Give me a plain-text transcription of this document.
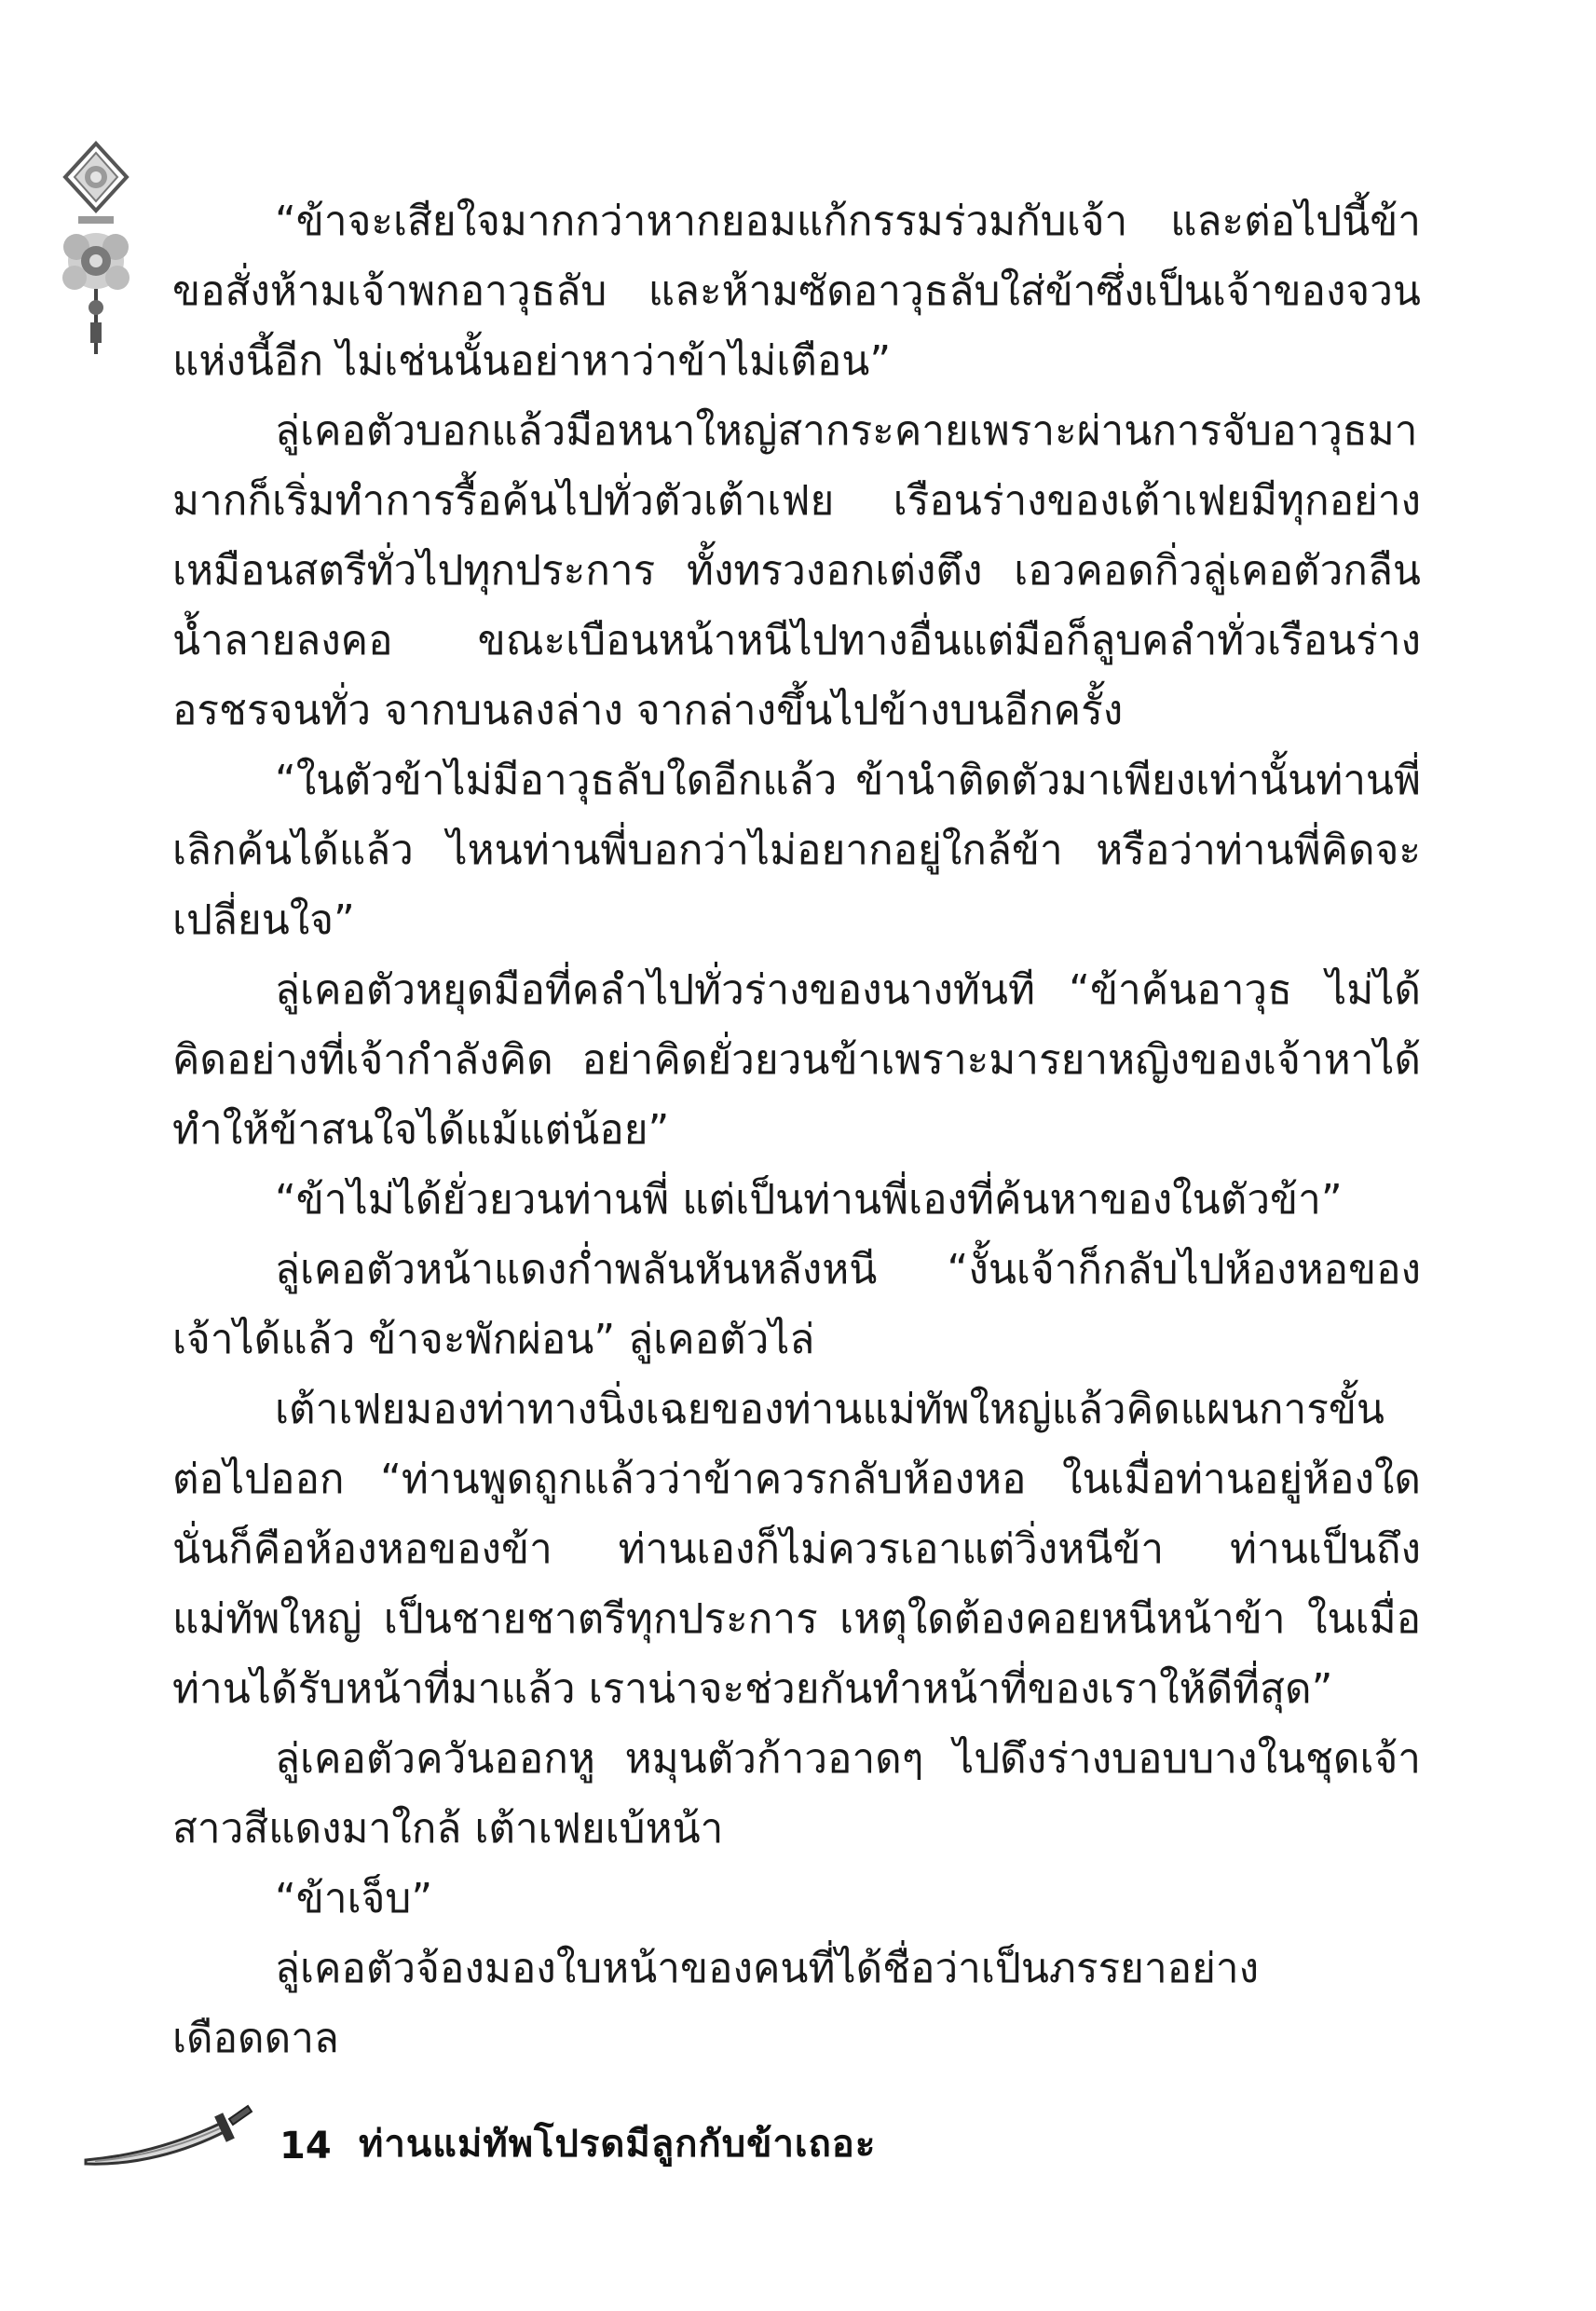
“ข้าจะเสียใจมากกว่าหากยอมแก้กรรมร่วมกับเจ้า และต่อไปนี้ข้าขอสั่งห้ามเจ้าพกอาวุธลับ และห้ามซัดอาวุธลับใส่ข้าซึ่งเป็นเจ้าของจวนแห่งนี้อีก ไม่เช่นนั้นอย่าหาว่าข้าไม่เตือน”

ลู่เคอตัวบอกแล้วมือหนาใหญ่สากระคายเพราะผ่านการจับอาวุธมามากก็เริ่มทำการรื้อค้นไปทั่วตัวเต้าเฟย เรือนร่างของเต้าเฟยมีทุกอย่างเหมือนสตรีทั่วไปทุกประการ ทั้งทรวงอกเต่งตึง เอวคอดกิ่วลู่เคอตัวกลืนน้ำลายลงคอ ขณะเบือนหน้าหนีไปทางอื่นแต่มือก็ลูบคลำทั่วเรือนร่างอรชรจนทั่ว จากบนลงล่าง จากล่างขึ้นไปข้างบนอีกครั้ง

“ในตัวข้าไม่มีอาวุธลับใดอีกแล้ว ข้านำติดตัวมาเพียงเท่านั้นท่านพี่เลิกค้นได้แล้ว ไหนท่านพี่บอกว่าไม่อยากอยู่ใกล้ข้า หรือว่าท่านพี่คิดจะเปลี่ยนใจ”

ลู่เคอตัวหยุดมือที่คลำไปทั่วร่างของนางทันที “ข้าค้นอาวุธ ไม่ได้คิดอย่างที่เจ้ากำลังคิด อย่าคิดยั่วยวนข้าเพราะมารยาหญิงของเจ้าหาได้ทำให้ข้าสนใจได้แม้แต่น้อย”

“ข้าไม่ได้ยั่วยวนท่านพี่ แต่เป็นท่านพี่เองที่ค้นหาของในตัวข้า”

ลู่เคอตัวหน้าแดงก่ำพลันหันหลังหนี “งั้นเจ้าก็กลับไปห้องหอของเจ้าได้แล้ว ข้าจะพักผ่อน” ลู่เคอตัวไล่

เต้าเฟยมองท่าทางนิ่งเฉยของท่านแม่ทัพใหญ่แล้วคิดแผนการขั้นต่อไปออก “ท่านพูดถูกแล้วว่าข้าควรกลับห้องหอ ในเมื่อท่านอยู่ห้องใดนั่นก็คือห้องหอของข้า ท่านเองก็ไม่ควรเอาแต่วิ่งหนีข้า ท่านเป็นถึงแม่ทัพใหญ่ เป็นชายชาตรีทุกประการ เหตุใดต้องคอยหนีหน้าข้า ในเมื่อท่านได้รับหน้าที่มาแล้ว เราน่าจะช่วยกันทำหน้าที่ของเราให้ดีที่สุด”

ลู่เคอตัวควันออกหู หมุนตัวก้าวอาดๆ ไปดึงร่างบอบบางในชุดเจ้าสาวสีแดงมาใกล้ เต้าเฟยเบ้หน้า

“ข้าเจ็บ”

ลู่เคอตัวจ้องมองใบหน้าของคนที่ได้ชื่อว่าเป็นภรรยาอย่างเดือดดาล

14 ท่านแม่ทัพโปรดมีลูกกับข้าเถอะ
